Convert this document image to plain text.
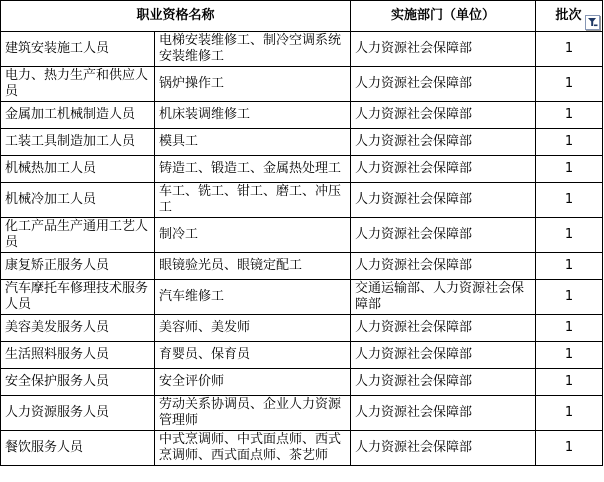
职业资格名称		实施部门（单位）	批次

建筑安装施工人员	电梯安装维修工、制冷空调系统安装维修工	人力资源社会保障部	1
电力、热力生产和供应人员	锅炉操作工	人力资源社会保障部	1
金属加工机械制造人员	机床装调维修工	人力资源社会保障部	1
工装工具制造加工人员	模具工	人力资源社会保障部	1
机械热加工人员	铸造工、锻造工、金属热处理工	人力资源社会保障部	1
机械冷加工人员	车工、铣工、钳工、磨工、冲压工	人力资源社会保障部	1
化工产品生产通用工艺人员	制冷工	人力资源社会保障部	1
康复矫正服务人员	眼镜验光员、眼镜定配工	人力资源社会保障部	1
汽车摩托车修理技术服务人员	汽车维修工	交通运输部、人力资源社会保障部	1
美容美发服务人员	美容师、美发师	人力资源社会保障部	1
生活照料服务人员	育婴员、保育员	人力资源社会保障部	1
安全保护服务人员	安全评价师	人力资源社会保障部	1
人力资源服务人员	劳动关系协调员、企业人力资源管理师	人力资源社会保障部	1
餐饮服务人员	中式烹调师、中式面点师、西式烹调师、西式面点师、茶艺师	人力资源社会保障部	1
